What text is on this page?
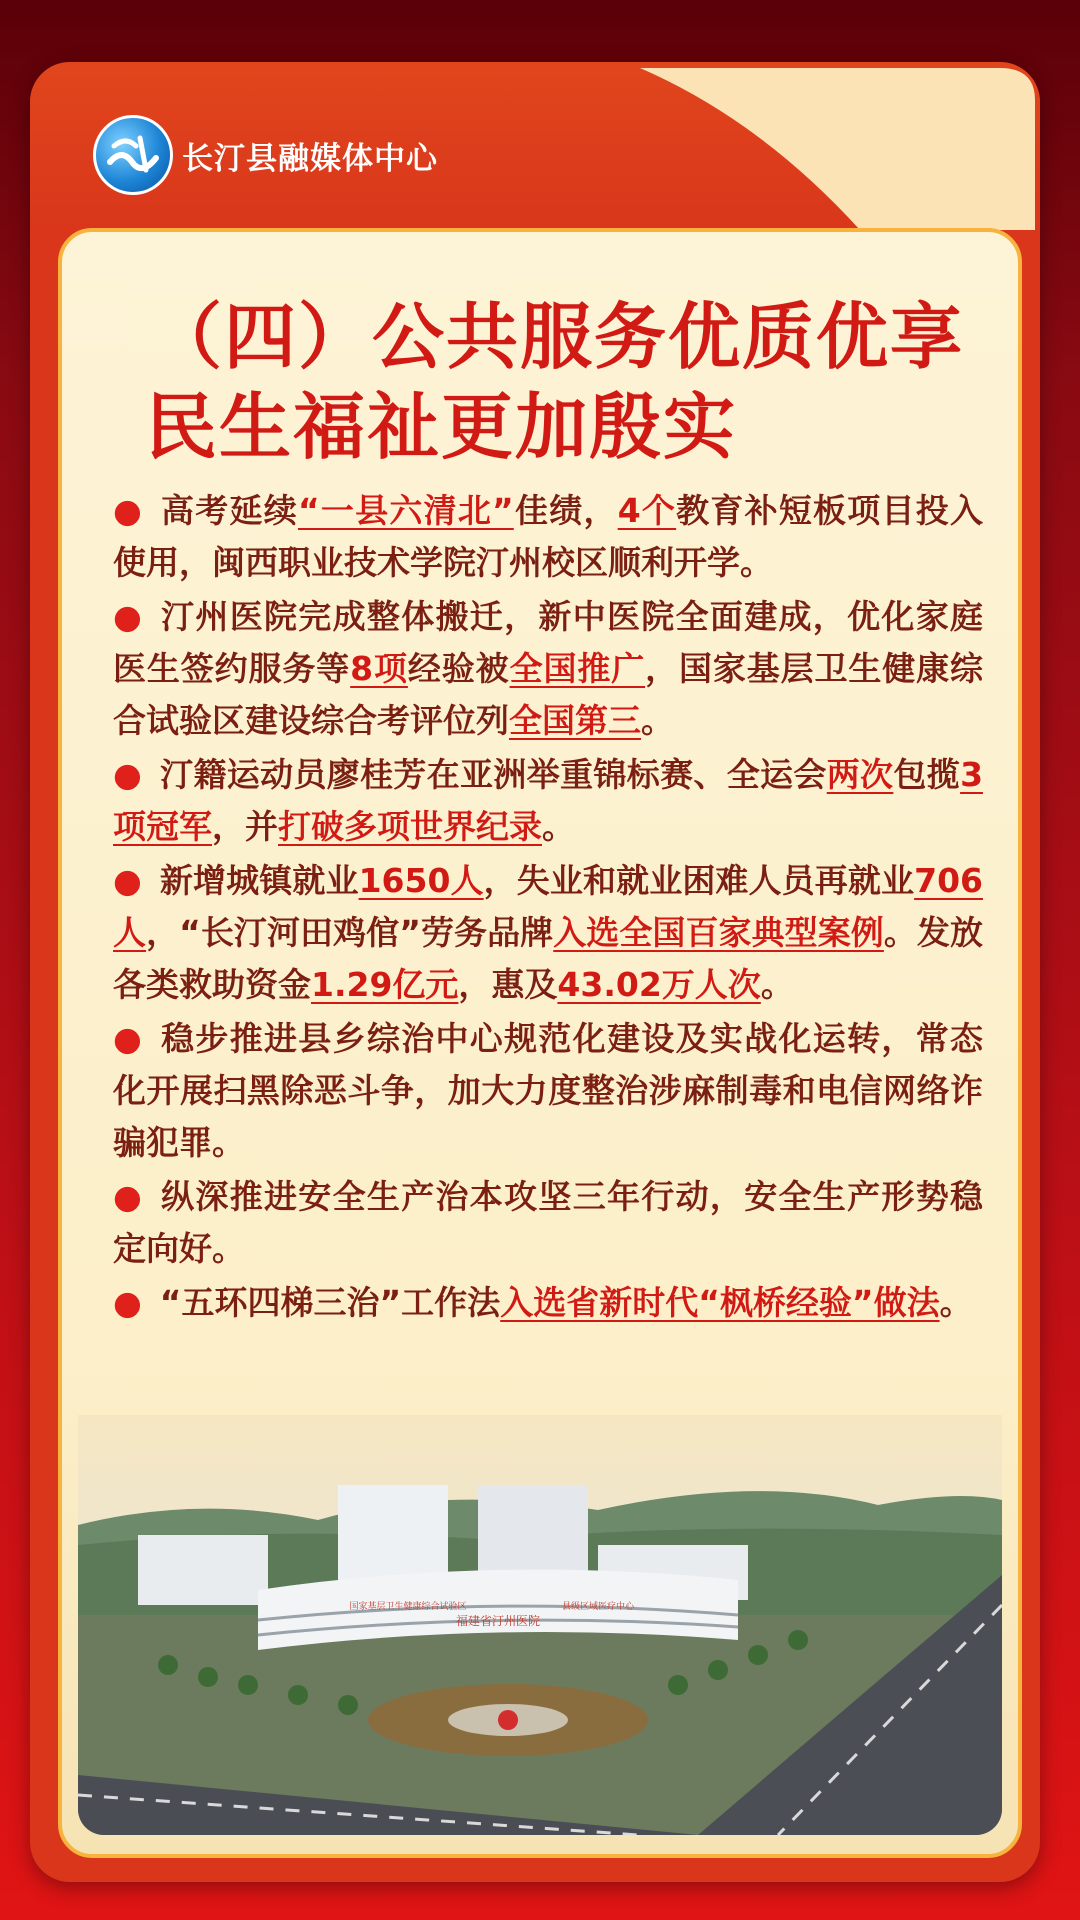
长汀县融媒体中心
（四）公共服务优质优享
民生福祉更加殷实
● 高考延续“一县六清北”佳绩，4个教育补短板项目投入使用，闽西职业技术学院汀州校区顺利开学。
● 汀州医院完成整体搬迁，新中医院全面建成，优化家庭医生签约服务等8项经验被全国推广，国家基层卫生健康综合试验区建设综合考评位列全国第三。
● 汀籍运动员廖桂芳在亚洲举重锦标赛、全运会两次包揽3项冠军，并打破多项世界纪录。
● 新增城镇就业1650人，失业和就业困难人员再就业706人，“长汀河田鸡倌”劳务品牌入选全国百家典型案例。发放各类救助资金1.29亿元，惠及43.02万人次。
● 稳步推进县乡综治中心规范化建设及实战化运转，常态化开展扫黑除恶斗争，加大力度整治涉麻制毒和电信网络诈骗犯罪。
● 纵深推进安全生产治本攻坚三年行动，安全生产形势稳定向好。
● “五环四梯三治”工作法入选省新时代“枫桥经验”做法。
福建省汀州医院
国家基层卫生健康综合试验区	县级区域医疗中心
